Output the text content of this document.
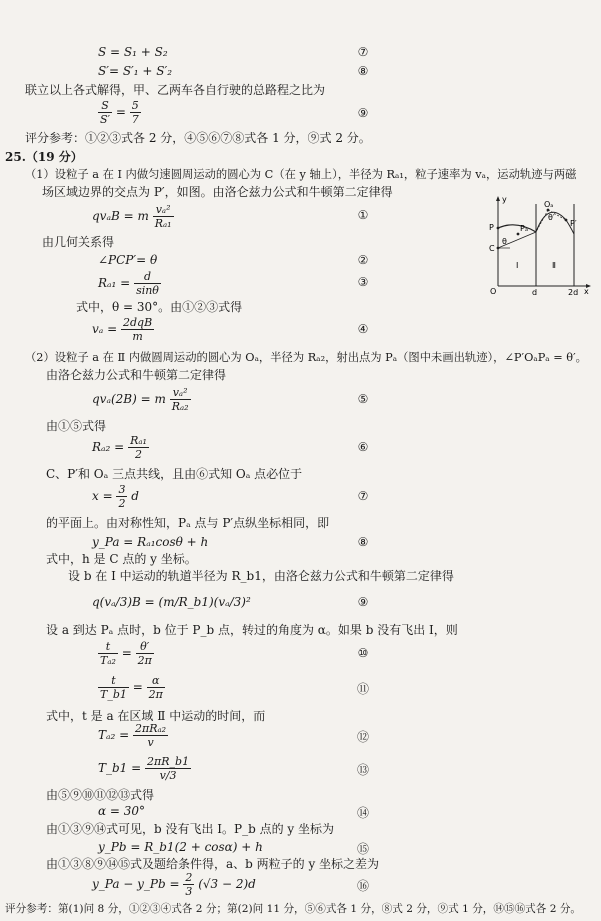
S = S₁ + S₂	⑦
S′= S′₁ + S′₂	⑧
联立以上各式解得，甲、乙两车各自行驶的总路程之比为
$\frac{S}{S'} = \frac{5}{7}$	⑨
评分参考：①②③式各 2 分，④⑤⑥⑦⑧式各 1 分，⑨式 2 分。
25.（19 分）
（1）设粒子 a 在 Ⅰ 内做匀速圆周运动的圆心为 C（在 y 轴上），半径为 Rₐ₁，粒子速率为 vₐ，运动轨迹与两磁
场区域边界的交点为 P′，如图。由洛仑兹力公式和牛顿第二定律得
qvₐB = m $\frac{\text{vₐ²}}{\text{Rₐ₁}}$	①
由几何关系得
∠PCP′= θ	②
$R_{a1} = \frac{d}{\sin\theta}$	③
式中，θ = 30°。由①②③式得
$v_a = \frac{\text{2dqB}}{m}$	④
（2）设粒子 a 在 Ⅱ 内做圆周运动的圆心为 Oₐ，半径为 Rₐ₂，射出点为 Pₐ（图中未画出轨迹），∠P′OₐPₐ = θ′。
由洛仑兹力公式和牛顿第二定律得
qvₐ(2B) = m $\frac{\text{vₐ²}}{\text{Rₐ₂}}$	⑤
由①⑤式得
$R_{a2} = \frac{\text{Rₐ₁}}{2}$	⑥
C、P′和 Oₐ 三点共线，且由⑥式知 Oₐ 点必位于
$x = \frac{3}{2}$ d	⑦
的平面上。由对称性知，Pₐ 点与 P′点纵坐标相同，即
y_Pa = Rₐ₁cosθ + h	⑧
式中，h 是 C 点的 y 坐标。
设 b 在 Ⅰ 中运动的轨道半径为 R_b1，由洛仑兹力公式和牛顿第二定律得
q(vₐ/3)B = (m/R_b1)(vₐ/3)²	⑨
设 a 到达 Pₐ 点时，b 位于 P_b 点，转过的角度为 α。如果 b 没有飞出 Ⅰ，则
$\frac{t}{\text{Tₐ₂}} = \frac{\theta'}{2\pi}$	⑩
$\frac{t}{T\_b1} = \frac{\alpha}{2\pi}$	⑪
式中，t 是 a 在区域 Ⅱ 中运动的时间，而
$T_{a2} = \frac{\text{2πRₐ₂}}{v}$	⑫
T_b1 = $\frac{2\pi R\_b1}{v/3}$	⑬
由⑤⑨⑩⑪⑫⑬式得
α = 30°	⑭
由①③⑨⑭式可见，b 没有飞出 Ⅰ。P_b 点的 y 坐标为
y_Pb = R_b1(2 + cosα) + h	⑮
由①③⑧⑨⑭⑮式及题给条件得，a、b 两粒子的 y 坐标之差为
y_Pa − y_Pb = $\frac{2}{3} (√3 - 2)d$	⑯
评分参考：第(1)问 8 分，①②③④式各 2 分；第(2)问 11 分，⑤⑥式各 1 分，⑧式 2 分，⑨式 1 分，⑭⑮⑯式各 2 分。
y
x
O
P
C
Oₐ
Pₐ
P′
θ
θ′
Ⅰ	Ⅱ
d	2d
